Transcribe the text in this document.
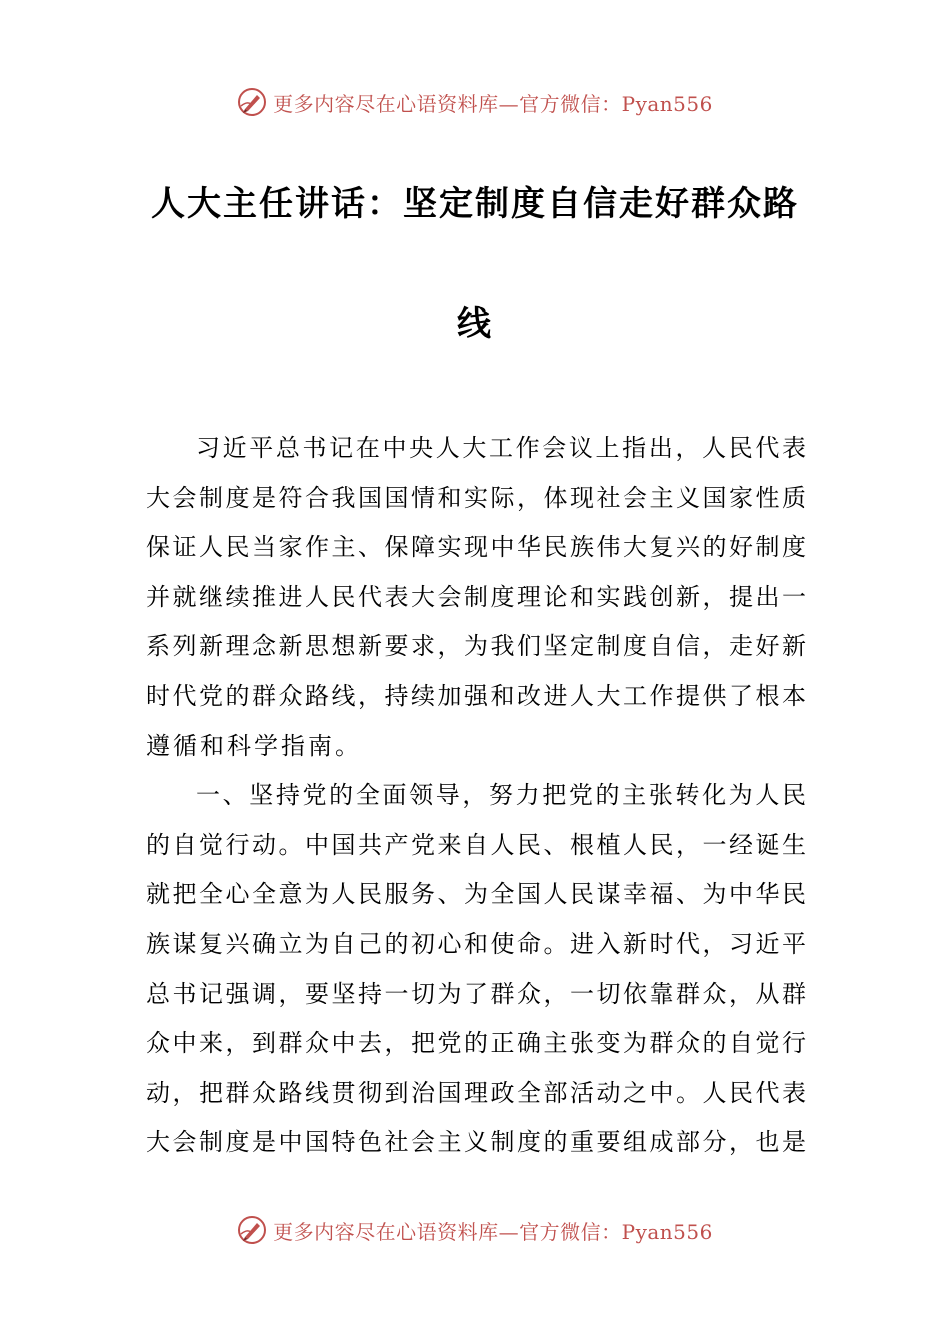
更多内容尽在心语资料库—官方微信：Pyan556
人大主任讲话：坚定制度自信走好群众路
线
习近平总书记在中央人大工作会议上指出，人民代表
大会制度是符合我国国情和实际，体现社会主义国家性质
保证人民当家作主、保障实现中华民族伟大复兴的好制度
并就继续推进人民代表大会制度理论和实践创新，提出一
系列新理念新思想新要求，为我们坚定制度自信，走好新
时代党的群众路线，持续加强和改进人大工作提供了根本
遵循和科学指南。
一、坚持党的全面领导，努力把党的主张转化为人民
的自觉行动。中国共产党来自人民、根植人民，一经诞生
就把全心全意为人民服务、为全国人民谋幸福、为中华民
族谋复兴确立为自己的初心和使命。进入新时代，习近平
总书记强调，要坚持一切为了群众，一切依靠群众，从群
众中来，到群众中去，把党的正确主张变为群众的自觉行
动，把群众路线贯彻到治国理政全部活动之中。人民代表
大会制度是中国特色社会主义制度的重要组成部分，也是
更多内容尽在心语资料库—官方微信：Pyan556
